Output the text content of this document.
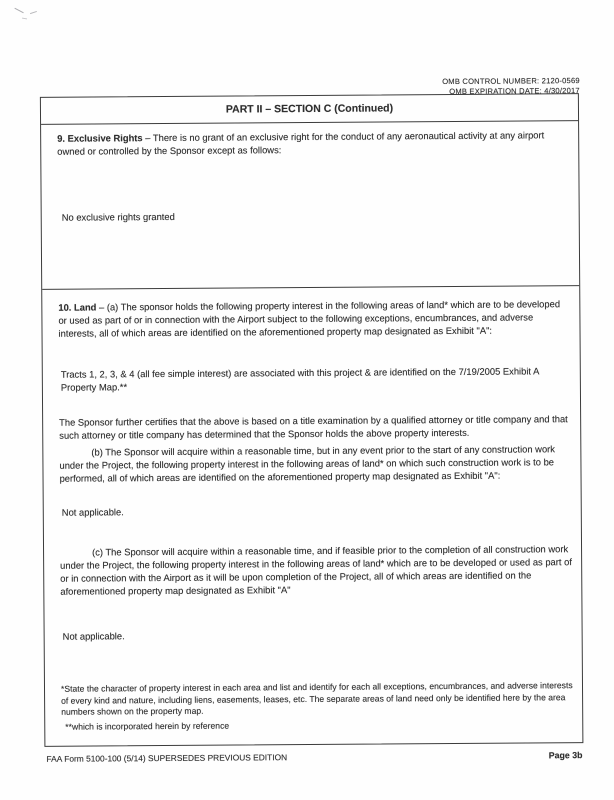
OMB CONTROL NUMBER: 2120-0569
OMB EXPIRATION DATE: 4/30/2017
PART II – SECTION C (Continued)
9. Exclusive Rights – There is no grant of an exclusive right for the conduct of any aeronautical activity at any airport owned or controlled by the Sponsor except as follows:
No exclusive rights granted
10. Land – (a) The sponsor holds the following property interest in the following areas of land* which are to be developed or used as part of or in connection with the Airport subject to the following exceptions, encumbrances, and adverse interests, all of which areas are identified on the aforementioned property map designated as Exhibit "A":
Tracts 1, 2, 3, & 4 (all fee simple interest) are associated with this project & are identified on the 7/19/2005 Exhibit A Property Map.**
The Sponsor further certifies that the above is based on a title examination by a qualified attorney or title company and that such attorney or title company has determined that the Sponsor holds the above property interests.
(b) The Sponsor will acquire within a reasonable time, but in any event prior to the start of any construction work under the Project, the following property interest in the following areas of land* on which such construction work is to be performed, all of which areas are identified on the aforementioned property map designated as Exhibit "A":
Not applicable.
(c) The Sponsor will acquire within a reasonable time, and if feasible prior to the completion of all construction work under the Project, the following property interest in the following areas of land* which are to be developed or used as part of or in connection with the Airport as it will be upon completion of the Project, all of which areas are identified on the aforementioned property map designated as Exhibit "A"
Not applicable.
*State the character of property interest in each area and list and identify for each all exceptions, encumbrances, and adverse interests of every kind and nature, including liens, easements, leases, etc. The separate areas of land need only be identified here by the area numbers shown on the property map.
**which is incorporated herein by reference
FAA Form 5100-100 (5/14) SUPERSEDES PREVIOUS EDITION	Page 3b
